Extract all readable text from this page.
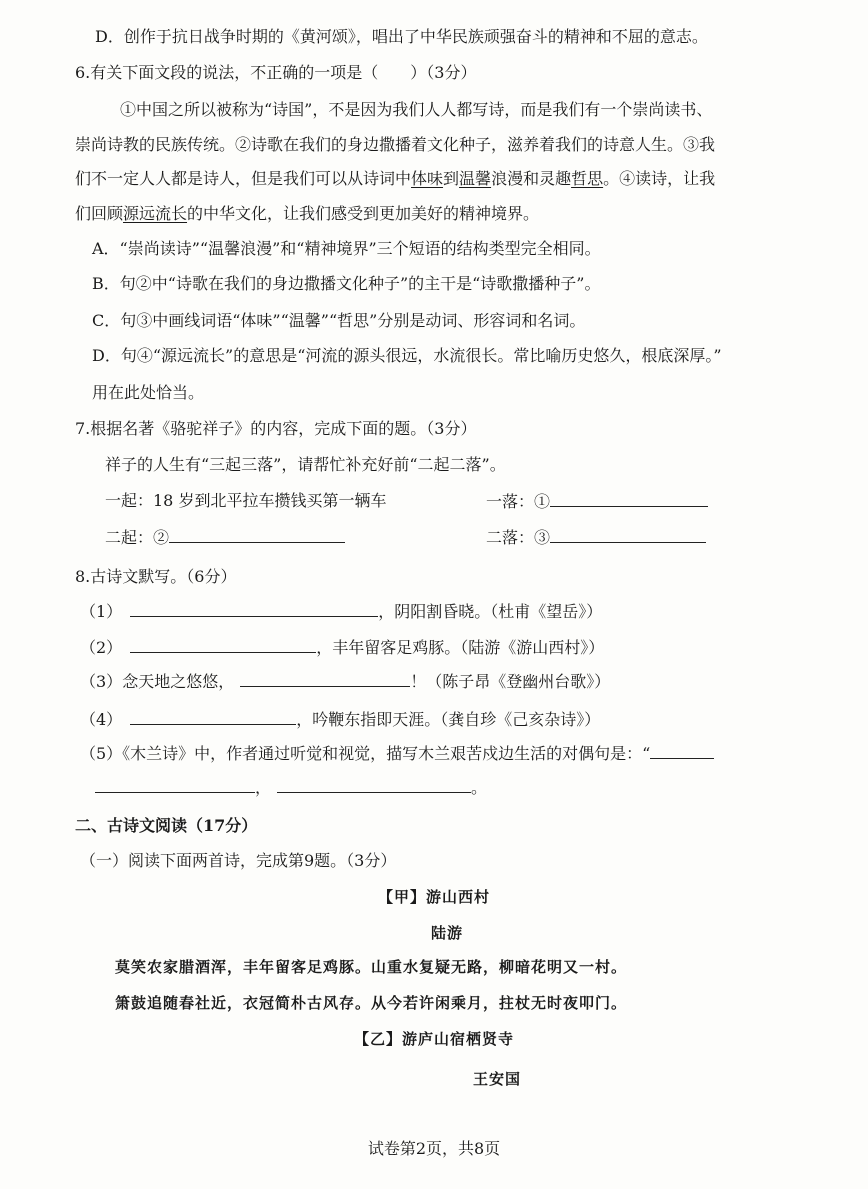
D．创作于抗日战争时期的《黄河颂》，唱出了中华民族顽强奋斗的精神和不屈的意志。
6.有关下面文段的说法，不正确的一项是（　　）（3分）
①中国之所以被称为“诗国”，不是因为我们人人都写诗，而是我们有一个崇尚读书、
崇尚诗教的民族传统。②诗歌在我们的身边撒播着文化种子，滋养着我们的诗意人生。③我
们不一定人人都是诗人，但是我们可以从诗词中体味到温馨浪漫和灵趣哲思。④读诗，让我
们回顾源远流长的中华文化，让我们感受到更加美好的精神境界。
A．“崇尚读诗”“温馨浪漫”和“精神境界”三个短语的结构类型完全相同。
B．句②中“诗歌在我们的身边撒播文化种子”的主干是“诗歌撒播种子”。
C．句③中画线词语“体味”“温馨”“哲思”分别是动词、形容词和名词。
D．句④“源远流长”的意思是“河流的源头很远，水流很长。常比喻历史悠久，根底深厚。”
用在此处恰当。
7.根据名著《骆驼祥子》的内容，完成下面的题。（3分）
祥子的人生有“三起三落”，请帮忙补充好前“二起二落”。
一起：18 岁到北平拉车攒钱买第一辆车	一落：①
二起：②	二落：③
8.古诗文默写。（6分）
（1）	，阴阳割昏晓。（杜甫《望岳》）
（2）	，丰年留客足鸡豚。（陆游《游山西村》）
（3）念天地之悠悠，	！（陈子昂《登幽州台歌》）
（4）	，吟鞭东指即天涯。（龚自珍《己亥杂诗》）
（5）《木兰诗》中，作者通过听觉和视觉，描写木兰艰苦戍边生活的对偶句是：“
，	。
二、古诗文阅读（17分）
（一）阅读下面两首诗，完成第9题。（3分）
【甲】游山西村
陆游
莫笑农家腊酒浑，丰年留客足鸡豚。山重水复疑无路，柳暗花明又一村。
箫鼓追随春社近，衣冠简朴古风存。从今若许闲乘月，拄杖无时夜叩门。
【乙】游庐山宿栖贤寺
王安国
试卷第2页，共8页
